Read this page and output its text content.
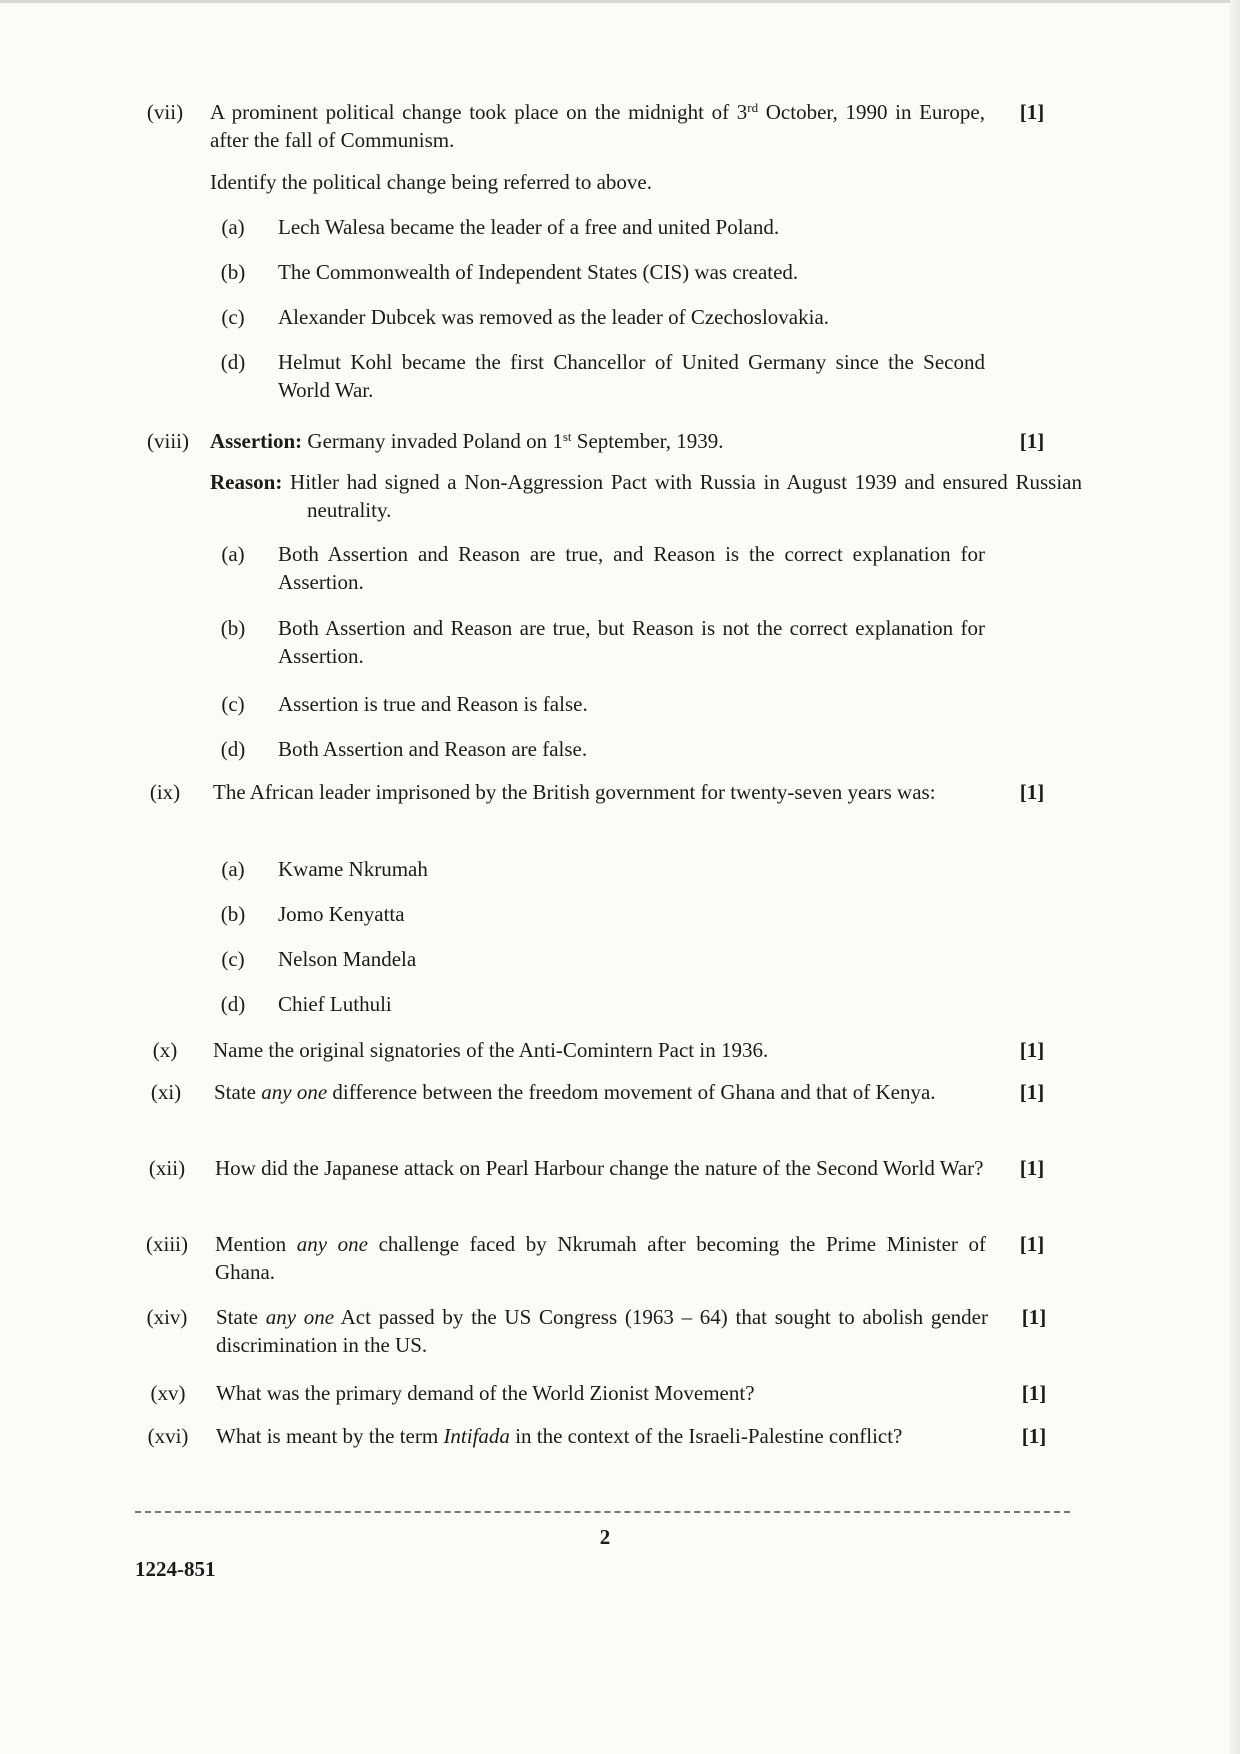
(vii)	A prominent political change took place on the midnight of 3rd October, 1990 in Europe, after the fall of Communism.
[1]
Identify the political change being referred to above.
(a) Lech Walesa became the leader of a free and united Poland.
(b) The Commonwealth of Independent States (CIS) was created.
(c) Alexander Dubcek was removed as the leader of Czechoslovakia.
(d) Helmut Kohl became the first Chancellor of United Germany since the Second World War.
(viii)	Assertion: Germany invaded Poland on 1st September, 1939.	[1]
Reason: Hitler had signed a Non-Aggression Pact with Russia in August 1939 and ensured Russian neutrality.
(a) Both Assertion and Reason are true, and Reason is the correct explanation for Assertion.
(b) Both Assertion and Reason are true, but Reason is not the correct explanation for Assertion.
(c) Assertion is true and Reason is false.
(d) Both Assertion and Reason are false.
(ix)	The African leader imprisoned by the British government for twenty-seven years was:	[1]
(a) Kwame Nkrumah
(b) Jomo Kenyatta
(c) Nelson Mandela
(d) Chief Luthuli
(x)	Name the original signatories of the Anti-Comintern Pact in 1936.	[1]
(xi)	State any one difference between the freedom movement of Ghana and that of Kenya.	[1]
(xii)	How did the Japanese attack on Pearl Harbour change the nature of the Second World War?	[1]
(xiii)	Mention any one challenge faced by Nkrumah after becoming the Prime Minister of Ghana.
[1]
(xiv)	State any one Act passed by the US Congress (1963 – 64) that sought to abolish gender discrimination in the US.
[1]
(xv)	What was the primary demand of the World Zionist Movement?	[1]
(xvi)	What is meant by the term Intifada in the context of the Israeli-Palestine conflict?	[1]
2
1224-851
